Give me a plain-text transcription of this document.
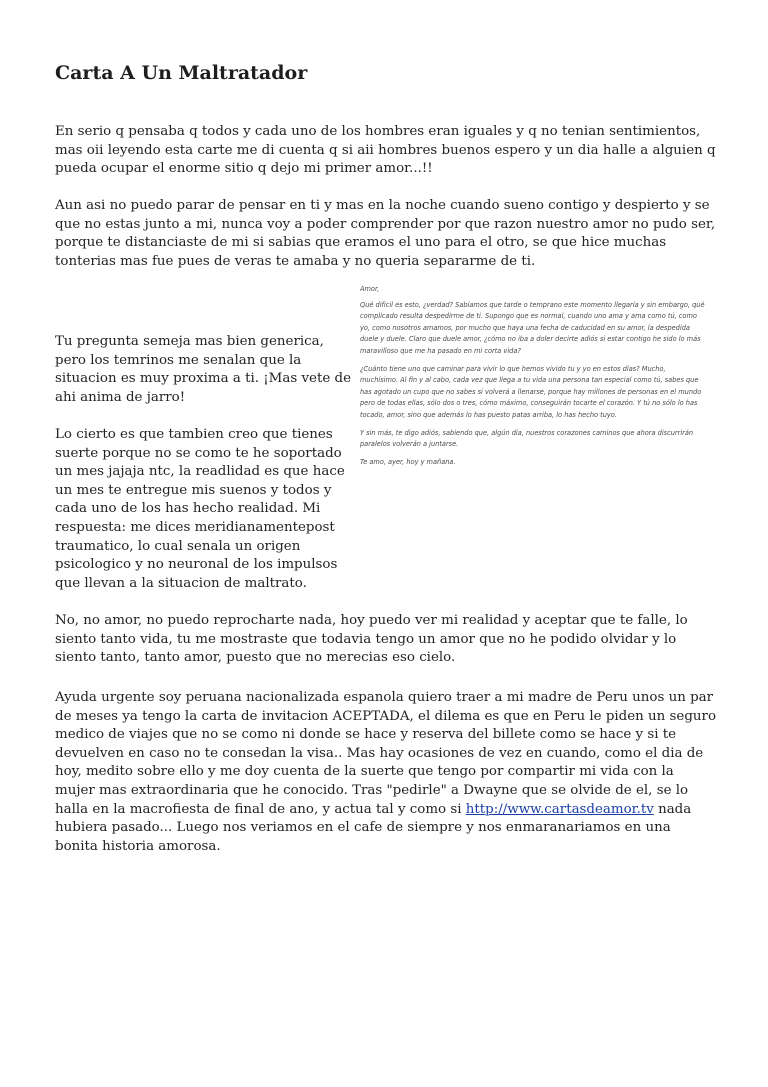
Carta A Un Maltratador

En serio q pensaba q todos y cada uno de los hombres eran iguales y q no tenian sentimientos, mas oii leyendo esta carte me di cuenta q si aii hombres buenos espero y un dia halle a alguien q pueda ocupar el enorme sitio q dejo mi primer amor...!!

Aun asi no puedo parar de pensar en ti y mas en la noche cuando sueno contigo y despierto y se que no estas junto a mi, nunca voy a poder comprender por que razon nuestro amor no pudo ser, porque te distanciaste de mi si sabias que eramos el uno para el otro, se que hice muchas tonterias mas fue pues de veras te amaba y no queria separarme de ti.

Tu pregunta semeja mas bien generica, pero los temrinos me senalan que la situacion es muy proxima a ti. ¡Mas vete de ahi anima de jarro!

Lo cierto es que tambien creo que tienes suerte porque no se como te he soportado un mes jajaja ntc, la readlidad es que hace un mes te entregue mis suenos y todos y cada uno de los has hecho realidad. Mi respuesta: me dices meridianamentepost traumatico, lo cual senala un origen psicologico y no neuronal de los impulsos que llevan a la situacion de maltrato.

Amor,

Qué difícil es esto, ¿verdad? Sabíamos que tarde o temprano este momento llegaría y sin embargo, qué complicado resulta despedirme de ti. Supongo que es normal, cuando uno ama y ama como tú, como yo, como nosotros amamos, por mucho que haya una fecha de caducidad en su amor, la despedida duele y duele. Claro que duele amor, ¿cómo no iba a doler decirte adiós si estar contigo he sido lo más maravilloso que me ha pasado en mi corta vida?

¿Cuánto tiene uno que caminar para vivir lo que hemos vivido tu y yo en estos días? Mucho, muchísimo. Al fin y al cabo, cada vez que llega a tu vida una persona tan especial como tú, sabes que has agotado un cupo que no sabes si volverá a llenarse, porque hay millones de personas en el mundo pero de todas ellas, sólo dos o tres, cómo máximo, conseguirán tocarte el corazón. Y tú no sólo lo has tocado, amor, sino que además lo has puesto patas arriba, lo has hecho tuyo.

Y sin más, te digo adiós, sabiendo que, algún día, nuestros corazones caminos que ahora discurrirán paralelos volverán a juntarse.

Te amo, ayer, hoy y mañana.

No, no amor, no puedo reprocharte nada, hoy puedo ver mi realidad y aceptar que te falle, lo siento tanto vida, tu me mostraste que todavia tengo un amor que no he podido olvidar y lo siento tanto, tanto amor, puesto que no merecias eso cielo.

Ayuda urgente soy peruana nacionalizada espanola quiero traer a mi madre de Peru unos un par de meses ya tengo la carta de invitacion ACEPTADA, el dilema es que en Peru le piden un seguro medico de viajes que no se como ni donde se hace y reserva del billete como se hace y si te devuelven en caso no te consedan la visa.. Mas hay ocasiones de vez en cuando, como el dia de hoy, medito sobre ello y me doy cuenta de la suerte que tengo por compartir mi vida con la mujer mas extraordinaria que he conocido. Tras "pedirle" a Dwayne que se olvide de el, se lo halla en la macrofiesta de final de ano, y actua tal y como si http://www.cartasdeamor.tv nada hubiera pasado... Luego nos veriamos en el cafe de siempre y nos enmaranariamos en una bonita historia amorosa.
